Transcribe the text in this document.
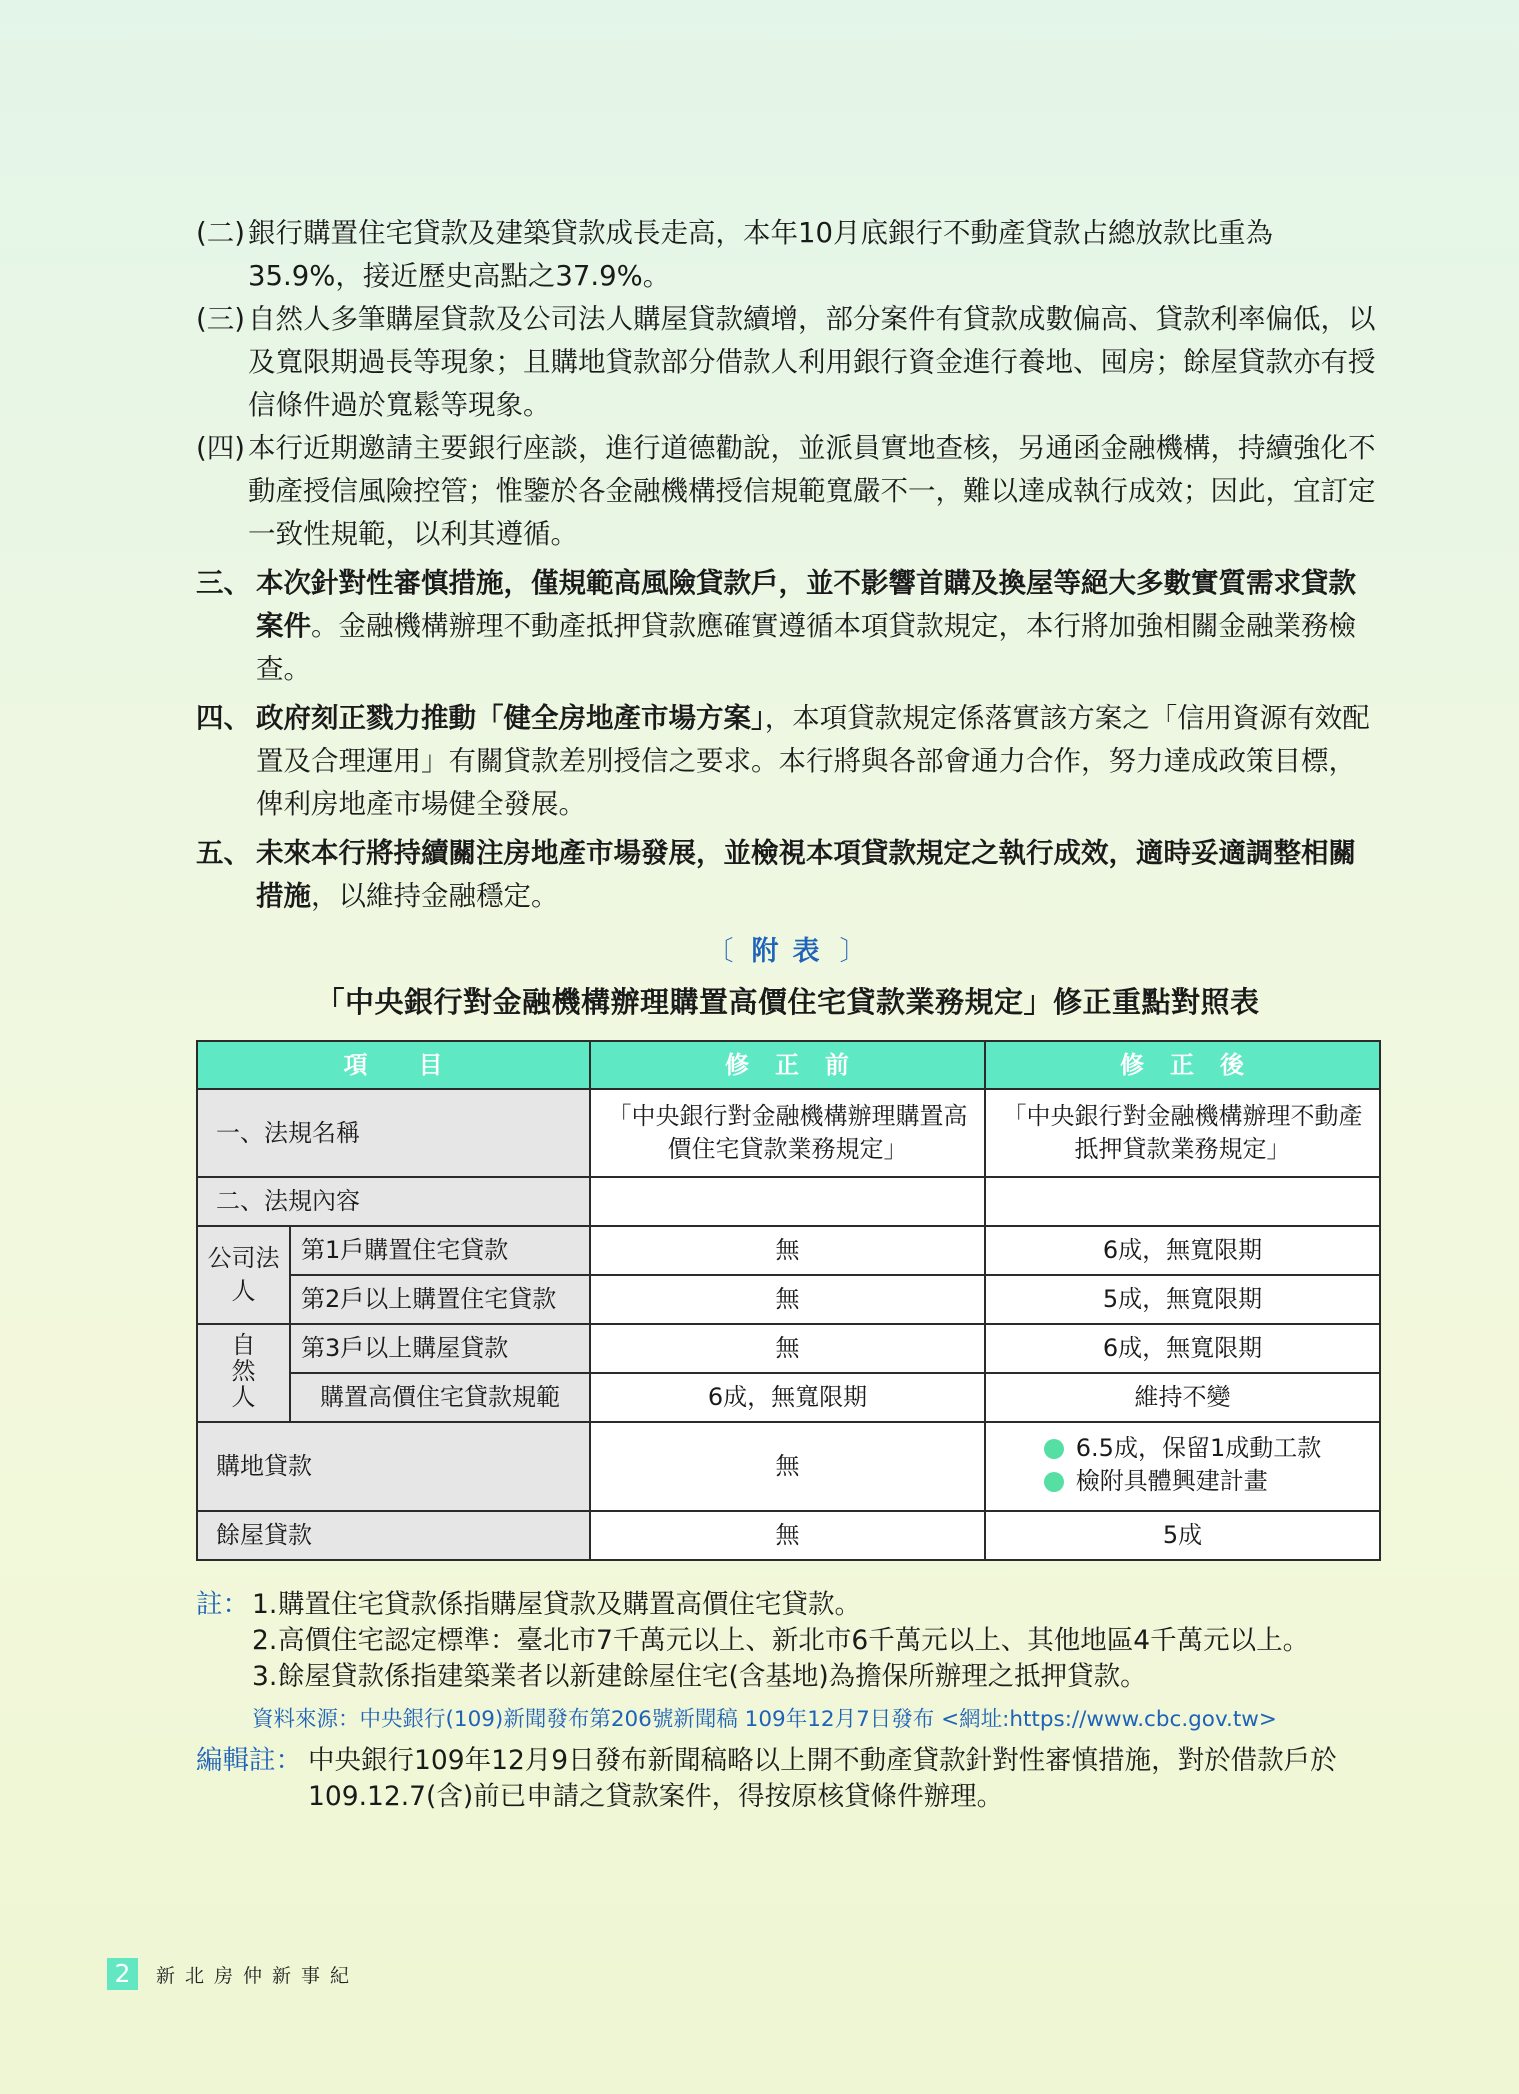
(二) 銀行購置住宅貸款及建築貸款成長走高，本年10月底銀行不動產貸款占總放款比重為35.9%，接近歷史高點之37.9%。

(三) 自然人多筆購屋貸款及公司法人購屋貸款續增，部分案件有貸款成數偏高、貸款利率偏低，以及寬限期過長等現象；且購地貸款部分借款人利用銀行資金進行養地、囤房；餘屋貸款亦有授信條件過於寬鬆等現象。

(四) 本行近期邀請主要銀行座談，進行道德勸說，並派員實地查核，另通函金融機構，持續強化不動產授信風險控管；惟鑒於各金融機構授信規範寬嚴不一，難以達成執行成效；因此，宜訂定一致性規範，以利其遵循。

三、 本次針對性審慎措施，僅規範高風險貸款戶，並不影響首購及換屋等絕大多數實質需求貸款案件。金融機構辦理不動產抵押貸款應確實遵循本項貸款規定，本行將加強相關金融業務檢查。

四、 政府刻正戮力推動「健全房地產市場方案」，本項貸款規定係落實該方案之「信用資源有效配置及合理運用」有關貸款差別授信之要求。本行將與各部會通力合作，努力達成政策目標，俾利房地產市場健全發展。

五、 未來本行將持續關注房地產市場發展，並檢視本項貸款規定之執行成效，適時妥適調整相關措施，以維持金融穩定。

〔 附表 〕
「中央銀行對金融機構辦理購置高價住宅貸款業務規定」修正重點對照表
項　　目		修　正　前	修　正　後
一、法規名稱		「中央銀行對金融機構辦理購置高價住宅貸款業務規定」	「中央銀行對金融機構辦理不動產抵押貸款業務規定」
二、法規內容			
公司法人	第1戶購置住宅貸款	無	6成，無寬限期
	第2戶以上購置住宅貸款	無	5成，無寬限期
自然人	第3戶以上購屋貸款	無	6成，無寬限期
	購置高價住宅貸款規範	6成，無寬限期	維持不變
購地貸款		無	6.5成，保留1成動工款
檢附具體興建計畫

餘屋貸款		無	5成
註： 1. 購置住宅貸款係指購屋貸款及購置高價住宅貸款。
2. 高價住宅認定標準：臺北市7千萬元以上、新北市6千萬元以上、其他地區4千萬元以上。
3. 餘屋貸款係指建築業者以新建餘屋住宅(含基地)為擔保所辦理之抵押貸款。
資料來源：中央銀行(109)新聞發布第206號新聞稿 109年12月7日發布 <網址:https://www.cbc.gov.tw>
編輯註： 中央銀行109年12月9日發布新聞稿略以上開不動產貸款針對性審慎措施，對於借款戶於109.12.7(含)前已申請之貸款案件，得按原核貸條件辦理。
2	新北房仲新事紀
